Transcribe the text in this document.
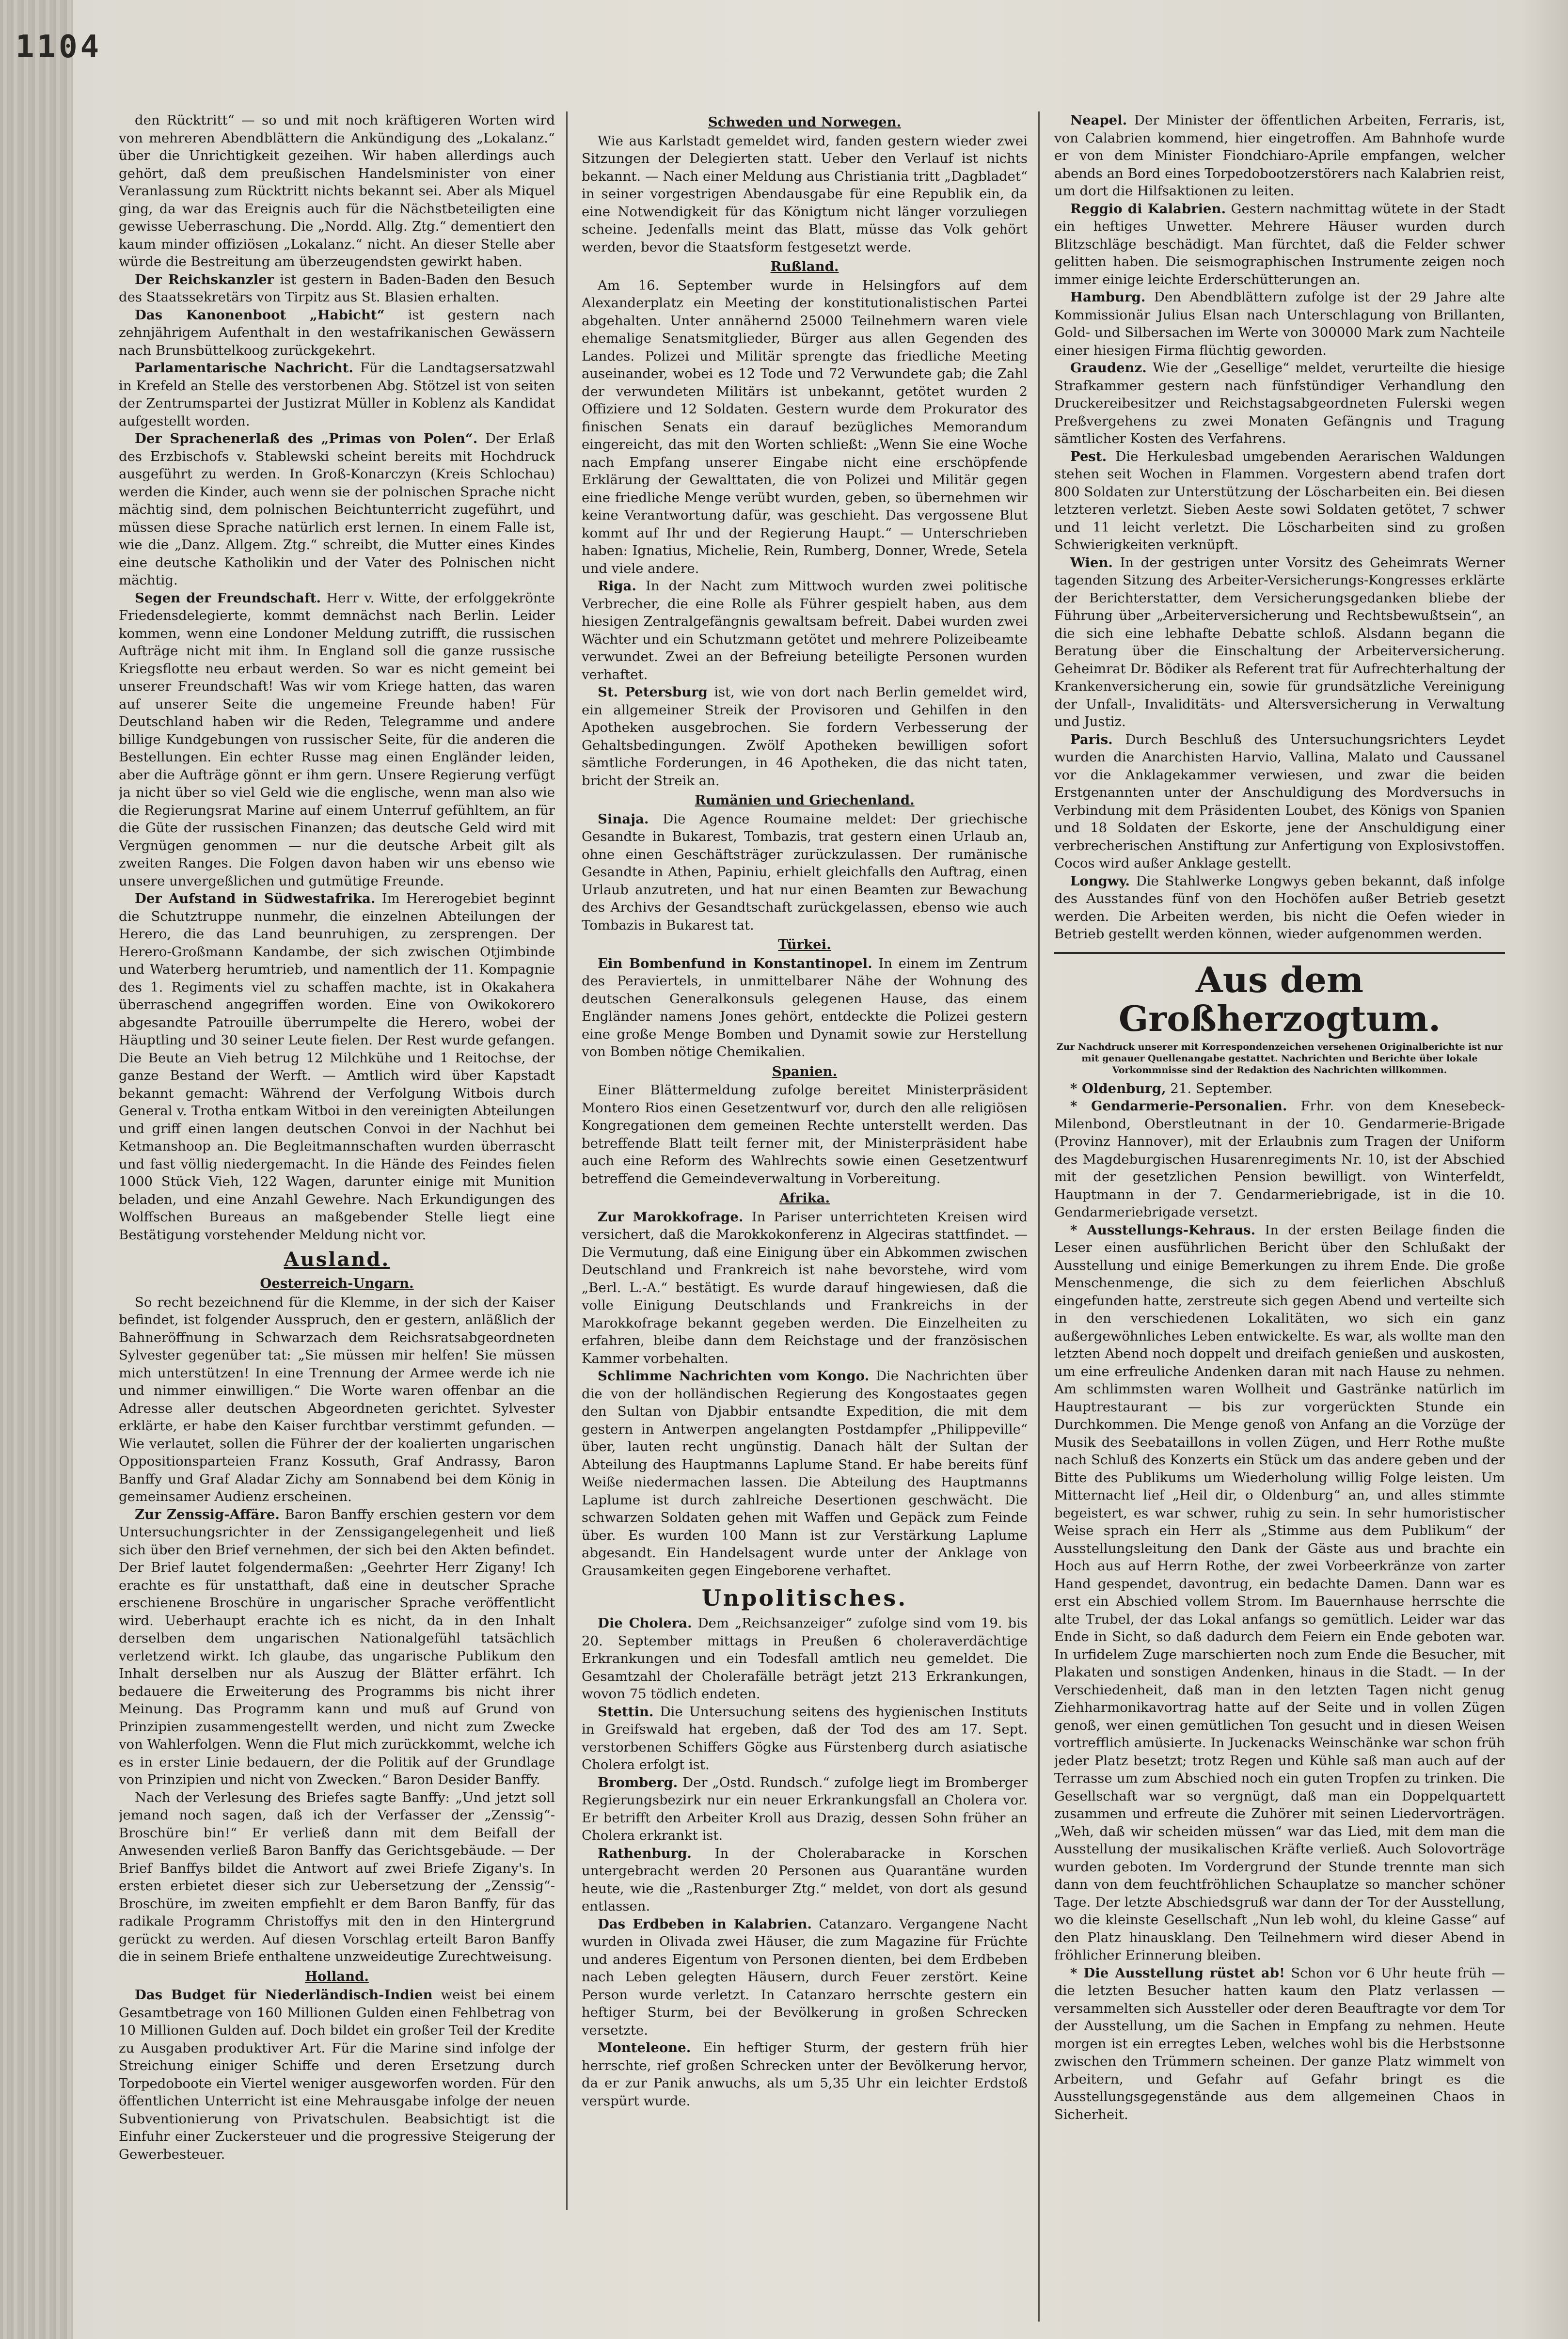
1104

den Rücktritt“ — so und mit noch kräftigeren Worten wird von mehreren Abendblättern die Ankündigung des „Lokalanz.“ über die Unrichtigkeit gezeihen. Wir haben allerdings auch gehört, daß dem preußischen Handelsminister von einer Veranlassung zum Rücktritt nichts bekannt sei. Aber als Miquel ging, da war das Ereignis auch für die Nächstbeteiligten eine gewisse Ueberraschung. Die „Nordd. Allg. Ztg.“ dementiert den kaum minder offiziösen „Lokalanz.“ nicht. An dieser Stelle aber würde die Bestreitung am überzeugendsten gewirkt haben.

Der Reichskanzler ist gestern in Baden-Baden den Besuch des Staatssekretärs von Tirpitz aus St. Blasien erhalten.

Das Kanonenboot „Habicht“ ist gestern nach zehnjährigem Aufenthalt in den westafrikanischen Gewässern nach Brunsbüttelkoog zurückgekehrt.

Parlamentarische Nachricht. Für die Landtagsersatzwahl in Krefeld an Stelle des verstorbenen Abg. Stötzel ist von seiten der Zentrumspartei der Justizrat Müller in Koblenz als Kandidat aufgestellt worden.

Der Sprachenerlaß des „Primas von Polen“. Der Erlaß des Erzbischofs v. Stablewski scheint bereits mit Hochdruck ausgeführt zu werden. In Groß-Konarczyn (Kreis Schlochau) werden die Kinder, auch wenn sie der polnischen Sprache nicht mächtig sind, dem polnischen Beichtunterricht zugeführt, und müssen diese Sprache natürlich erst lernen. In einem Falle ist, wie die „Danz. Allgem. Ztg.“ schreibt, die Mutter eines Kindes eine deutsche Katholikin und der Vater des Polnischen nicht mächtig.

Segen der Freundschaft. Herr v. Witte, der erfolggekrönte Friedensdelegierte, kommt demnächst nach Berlin. Leider kommen, wenn eine Londoner Meldung zutrifft, die russischen Aufträge nicht mit ihm. In England soll die ganze russische Kriegsflotte neu erbaut werden. So war es nicht gemeint bei unserer Freundschaft! Was wir vom Kriege hatten, das waren auf unserer Seite die ungemeine Freunde haben! Für Deutschland haben wir die Reden, Telegramme und andere billige Kundgebungen von russischer Seite, für die anderen die Bestellungen. Ein echter Russe mag einen Engländer leiden, aber die Aufträge gönnt er ihm gern. Unsere Regierung verfügt ja nicht über so viel Geld wie die englische, wenn man also wie die Regierungsrat Marine auf einem Unterruf gefühltem, an für die Güte der russischen Finanzen; das deutsche Geld wird mit Vergnügen genommen — nur die deutsche Arbeit gilt als zweiten Ranges. Die Folgen davon haben wir uns ebenso wie unsere unvergeßlichen und gutmütige Freunde.

Der Aufstand in Südwestafrika. Im Hererogebiet beginnt die Schutztruppe nunmehr, die einzelnen Abteilungen der Herero, die das Land beunruhigen, zu zersprengen. Der Herero-Großmann Kandambe, der sich zwischen Otjimbinde und Waterberg herumtrieb, und namentlich der 11. Kompagnie des 1. Regiments viel zu schaffen machte, ist in Okakahera überraschend angegriffen worden. Eine von Owikokorero abgesandte Patrouille überrumpelte die Herero, wobei der Häuptling und 30 seiner Leute fielen. Der Rest wurde gefangen. Die Beute an Vieh betrug 12 Milchkühe und 1 Reitochse, der ganze Bestand der Werft. — Amtlich wird über Kapstadt bekannt gemacht: Während der Verfolgung Witbois durch General v. Trotha entkam Witboi in den vereinigten Abteilungen und griff einen langen deutschen Convoi in der Nachhut bei Ketmanshoop an. Die Begleitmannschaften wurden überrascht und fast völlig niedergemacht. In die Hände des Feindes fielen 1000 Stück Vieh, 122 Wagen, darunter einige mit Munition beladen, und eine Anzahl Gewehre. Nach Erkundigungen des Wolffschen Bureaus an maßgebender Stelle liegt eine Bestätigung vorstehender Meldung nicht vor.

Ausland.
Oesterreich-Ungarn.

So recht bezeichnend für die Klemme, in der sich der Kaiser befindet, ist folgender Ausspruch, den er gestern, anläßlich der Bahneröffnung in Schwarzach dem Reichsratsabgeordneten Sylvester gegenüber tat: „Sie müssen mir helfen! Sie müssen mich unterstützen! In eine Trennung der Armee werde ich nie und nimmer einwilligen.“ Die Worte waren offenbar an die Adresse aller deutschen Abgeordneten gerichtet. Sylvester erklärte, er habe den Kaiser furchtbar verstimmt gefunden. — Wie verlautet, sollen die Führer der der koalierten ungarischen Oppositionsparteien Franz Kossuth, Graf Andrassy, Baron Banffy und Graf Aladar Zichy am Sonnabend bei dem König in gemeinsamer Audienz erscheinen.

Zur Zenssig-Affäre. Baron Banffy erschien gestern vor dem Untersuchungsrichter in der Zenssigangelegenheit und ließ sich über den Brief vernehmen, der sich bei den Akten befindet. Der Brief lautet folgendermaßen: „Geehrter Herr Zigany! Ich erachte es für unstatthaft, daß eine in deutscher Sprache erschienene Broschüre in ungarischer Sprache veröffentlicht wird. Ueberhaupt erachte ich es nicht, da in den Inhalt derselben dem ungarischen Nationalgefühl tatsächlich verletzend wirkt. Ich glaube, das ungarische Publikum den Inhalt derselben nur als Auszug der Blätter erfährt. Ich bedauere die Erweiterung des Programms bis nicht ihrer Meinung. Das Programm kann und muß auf Grund von Prinzipien zusammengestellt werden, und nicht zum Zwecke von Wahlerfolgen. Wenn die Flut mich zurückkommt, welche ich es in erster Linie bedauern, der die Politik auf der Grundlage von Prinzipien und nicht von Zwecken.“ Baron Desider Banffy.

Nach der Verlesung des Briefes sagte Banffy: „Und jetzt soll jemand noch sagen, daß ich der Verfasser der „Zenssig“-Broschüre bin!“ Er verließ dann mit dem Beifall der Anwesenden verließ Baron Banffy das Gerichtsgebäude. — Der Brief Banffys bildet die Antwort auf zwei Briefe Zigany's. In ersten erbietet dieser sich zur Uebersetzung der „Zenssig“-Broschüre, im zweiten empfiehlt er dem Baron Banffy, für das radikale Programm Christoffys mit den in den Hintergrund gerückt zu werden. Auf diesen Vorschlag erteilt Baron Banffy die in seinem Briefe enthaltene unzweideutige Zurechtweisung.

Holland.

Das Budget für Niederländisch-Indien weist bei einem Gesamtbetrage von 160 Millionen Gulden einen Fehlbetrag von 10 Millionen Gulden auf. Doch bildet ein großer Teil der Kredite zu Ausgaben produktiver Art. Für die Marine sind infolge der Streichung einiger Schiffe und deren Ersetzung durch Torpedoboote ein Viertel weniger ausgeworfen worden. Für den öffentlichen Unterricht ist eine Mehrausgabe infolge der neuen Subventionierung von Privatschulen. Beabsichtigt ist die Einfuhr einer Zuckersteuer und die progressive Steigerung der Gewerbesteuer.

Schweden und Norwegen.

Wie aus Karlstadt gemeldet wird, fanden gestern wieder zwei Sitzungen der Delegierten statt. Ueber den Verlauf ist nichts bekannt. — Nach einer Meldung aus Christiania tritt „Dagbladet“ in seiner vorgestrigen Abendausgabe für eine Republik ein, da eine Notwendigkeit für das Königtum nicht länger vorzuliegen scheine. Jedenfalls meint das Blatt, müsse das Volk gehört werden, bevor die Staatsform festgesetzt werde.

Rußland.

Am 16. September wurde in Helsingfors auf dem Alexanderplatz ein Meeting der konstitutionalistischen Partei abgehalten. Unter annähernd 25000 Teilnehmern waren viele ehemalige Senatsmitglieder, Bürger aus allen Gegenden des Landes. Polizei und Militär sprengte das friedliche Meeting auseinander, wobei es 12 Tode und 72 Verwundete gab; die Zahl der verwundeten Militärs ist unbekannt, getötet wurden 2 Offiziere und 12 Soldaten. Gestern wurde dem Prokurator des finischen Senats ein darauf bezügliches Memorandum eingereicht, das mit den Worten schließt: „Wenn Sie eine Woche nach Empfang unserer Eingabe nicht eine erschöpfende Erklärung der Gewalttaten, die von Polizei und Militär gegen eine friedliche Menge verübt wurden, geben, so übernehmen wir keine Verantwortung dafür, was geschieht. Das vergossene Blut kommt auf Ihr und der Regierung Haupt.“ — Unterschrieben haben: Ignatius, Michelie, Rein, Rumberg, Donner, Wrede, Setela und viele andere.

Riga. In der Nacht zum Mittwoch wurden zwei politische Verbrecher, die eine Rolle als Führer gespielt haben, aus dem hiesigen Zentralgefängnis gewaltsam befreit. Dabei wurden zwei Wächter und ein Schutzmann getötet und mehrere Polizeibeamte verwundet. Zwei an der Befreiung beteiligte Personen wurden verhaftet.

St. Petersburg ist, wie von dort nach Berlin gemeldet wird, ein allgemeiner Streik der Provisoren und Gehilfen in den Apotheken ausgebrochen. Sie fordern Verbesserung der Gehaltsbedingungen. Zwölf Apotheken bewilligen sofort sämtliche Forderungen, in 46 Apotheken, die das nicht taten, bricht der Streik an.

Rumänien und Griechenland.

Sinaja. Die Agence Roumaine meldet: Der griechische Gesandte in Bukarest, Tombazis, trat gestern einen Urlaub an, ohne einen Geschäftsträger zurückzulassen. Der rumänische Gesandte in Athen, Papiniu, erhielt gleichfalls den Auftrag, einen Urlaub anzutreten, und hat nur einen Beamten zur Bewachung des Archivs der Gesandtschaft zurückgelassen, ebenso wie auch Tombazis in Bukarest tat.

Türkei.

Ein Bombenfund in Konstantinopel. In einem im Zentrum des Peraviertels, in unmittelbarer Nähe der Wohnung des deutschen Generalkonsuls gelegenen Hause, das einem Engländer namens Jones gehört, entdeckte die Polizei gestern eine große Menge Bomben und Dynamit sowie zur Herstellung von Bomben nötige Chemikalien.

Spanien.

Einer Blättermeldung zufolge bereitet Ministerpräsident Montero Rios einen Gesetzentwurf vor, durch den alle religiösen Kongregationen dem gemeinen Rechte unterstellt werden. Das betreffende Blatt teilt ferner mit, der Ministerpräsident habe auch eine Reform des Wahlrechts sowie einen Gesetzentwurf betreffend die Gemeindeverwaltung in Vorbereitung.

Afrika.

Zur Marokkofrage. In Pariser unterrichteten Kreisen wird versichert, daß die Marokkokonferenz in Algeciras stattfindet. — Die Vermutung, daß eine Einigung über ein Abkommen zwischen Deutschland und Frankreich ist nahe bevorstehe, wird vom „Berl. L.-A.“ bestätigt. Es wurde darauf hingewiesen, daß die volle Einigung Deutschlands und Frankreichs in der Marokkofrage bekannt gegeben werden. Die Einzelheiten zu erfahren, bleibe dann dem Reichstage und der französischen Kammer vorbehalten.

Schlimme Nachrichten vom Kongo. Die Nachrichten über die von der holländischen Regierung des Kongostaates gegen den Sultan von Djabbir entsandte Expedition, die mit dem gestern in Antwerpen angelangten Postdampfer „Philippeville“ über, lauten recht ungünstig. Danach hält der Sultan der Abteilung des Hauptmanns Laplume Stand. Er habe bereits fünf Weiße niedermachen lassen. Die Abteilung des Hauptmanns Laplume ist durch zahlreiche Desertionen geschwächt. Die schwarzen Soldaten gehen mit Waffen und Gepäck zum Feinde über. Es wurden 100 Mann ist zur Verstärkung Laplume abgesandt. Ein Handelsagent wurde unter der Anklage von Grausamkeiten gegen Eingeborene verhaftet.

Unpolitisches.

Die Cholera. Dem „Reichsanzeiger“ zufolge sind vom 19. bis 20. September mittags in Preußen 6 choleraverdächtige Erkrankungen und ein Todesfall amtlich neu gemeldet. Die Gesamtzahl der Cholerafälle beträgt jetzt 213 Erkrankungen, wovon 75 tödlich endeten.

Stettin. Die Untersuchung seitens des hygienischen Instituts in Greifswald hat ergeben, daß der Tod des am 17. Sept. verstorbenen Schiffers Gögke aus Fürstenberg durch asiatische Cholera erfolgt ist.

Bromberg. Der „Ostd. Rundsch.“ zufolge liegt im Bromberger Regierungsbezirk nur ein neuer Erkrankungsfall an Cholera vor. Er betrifft den Arbeiter Kroll aus Drazig, dessen Sohn früher an Cholera erkrankt ist.

Rathenburg. In der Cholerabaracke in Korschen untergebracht werden 20 Personen aus Quarantäne wurden heute, wie die „Rastenburger Ztg.“ meldet, von dort als gesund entlassen.

Das Erdbeben in Kalabrien. Catanzaro. Vergangene Nacht wurden in Olivada zwei Häuser, die zum Magazine für Früchte und anderes Eigentum von Personen dienten, bei dem Erdbeben nach Leben gelegten Häusern, durch Feuer zerstört. Keine Person wurde verletzt. In Catanzaro herrschte gestern ein heftiger Sturm, bei der Bevölkerung in großen Schrecken versetzte.

Monteleone. Ein heftiger Sturm, der gestern früh hier herrschte, rief großen Schrecken unter der Bevölkerung hervor, da er zur Panik anwuchs, als um 5,35 Uhr ein leichter Erdstoß verspürt wurde.

Neapel. Der Minister der öffentlichen Arbeiten, Ferraris, ist, von Calabrien kommend, hier eingetroffen. Am Bahnhofe wurde er von dem Minister Fiondchiaro-Aprile empfangen, welcher abends an Bord eines Torpedobootzerstörers nach Kalabrien reist, um dort die Hilfsaktionen zu leiten.

Reggio di Kalabrien. Gestern nachmittag wütete in der Stadt ein heftiges Unwetter. Mehrere Häuser wurden durch Blitzschläge beschädigt. Man fürchtet, daß die Felder schwer gelitten haben. Die seismographischen Instrumente zeigen noch immer einige leichte Erderschütterungen an.

Hamburg. Den Abendblättern zufolge ist der 29 Jahre alte Kommissionär Julius Elsan nach Unterschlagung von Brillanten, Gold- und Silbersachen im Werte von 300000 Mark zum Nachteile einer hiesigen Firma flüchtig geworden.

Graudenz. Wie der „Gesellige“ meldet, verurteilte die hiesige Strafkammer gestern nach fünfstündiger Verhandlung den Druckereibesitzer und Reichstagsabgeordneten Fulerski wegen Preßvergehens zu zwei Monaten Gefängnis und Tragung sämtlicher Kosten des Verfahrens.

Pest. Die Herkulesbad umgebenden Aerarischen Waldungen stehen seit Wochen in Flammen. Vorgestern abend trafen dort 800 Soldaten zur Unterstützung der Löscharbeiten ein. Bei diesen letzteren verletzt. Sieben Aeste sowi Soldaten getötet, 7 schwer und 11 leicht verletzt. Die Löscharbeiten sind zu großen Schwierigkeiten verknüpft.

Wien. In der gestrigen unter Vorsitz des Geheimrats Werner tagenden Sitzung des Arbeiter-Versicherungs-Kongresses erklärte der Berichterstatter, dem Versicherungsgedanken bliebe der Führung über „Arbeiterversicherung und Rechtsbewußtsein“, an die sich eine lebhafte Debatte schloß. Alsdann begann die Beratung über die Einschaltung der Arbeiterversicherung. Geheimrat Dr. Bödiker als Referent trat für Aufrechterhaltung der Krankenversicherung ein, sowie für grundsätzliche Vereinigung der Unfall-, Invaliditäts- und Altersversicherung in Verwaltung und Justiz.

Paris. Durch Beschluß des Untersuchungsrichters Leydet wurden die Anarchisten Harvio, Vallina, Malato und Caussanel vor die Anklagekammer verwiesen, und zwar die beiden Erstgenannten unter der Anschuldigung des Mordversuchs in Verbindung mit dem Präsidenten Loubet, des Königs von Spanien und 18 Soldaten der Eskorte, jene der Anschuldigung einer verbrecherischen Anstiftung zur Anfertigung von Explosivstoffen. Cocos wird außer Anklage gestellt.

Longwy. Die Stahlwerke Longwys geben bekannt, daß infolge des Ausstandes fünf von den Hochöfen außer Betrieb gesetzt werden. Die Arbeiten werden, bis nicht die Oefen wieder in Betrieb gestellt werden können, wieder aufgenommen werden.

Aus dem Großherzogtum.
Zur Nachdruck unserer mit Korrespondenzeichen versehenen Originalberichte ist nur mit genauer Quellenangabe gestattet. Nachrichten und Berichte über lokale Vorkommnisse sind der Redaktion des Nachrichten willkommen.

* Oldenburg, 21. September.

* Gendarmerie-Personalien. Frhr. von dem Knesebeck-Milenbond, Oberstleutnant in der 10. Gendarmerie-Brigade (Provinz Hannover), mit der Erlaubnis zum Tragen der Uniform des Magdeburgischen Husarenregiments Nr. 10, ist der Abschied mit der gesetzlichen Pension bewilligt. von Winterfeldt, Hauptmann in der 7. Gendarmeriebrigade, ist in die 10. Gendarmeriebrigade versetzt.

* Ausstellungs-Kehraus. In der ersten Beilage finden die Leser einen ausführlichen Bericht über den Schlußakt der Ausstellung und einige Bemerkungen zu ihrem Ende. Die große Menschenmenge, die sich zu dem feierlichen Abschluß eingefunden hatte, zerstreute sich gegen Abend und verteilte sich in den verschiedenen Lokalitäten, wo sich ein ganz außergewöhnliches Leben entwickelte. Es war, als wollte man den letzten Abend noch doppelt und dreifach genießen und auskosten, um eine erfreuliche Andenken daran mit nach Hause zu nehmen. Am schlimmsten waren Wollheit und Gastränke natürlich im Hauptrestaurant — bis zur vorgerückten Stunde ein Durchkommen. Die Menge genoß von Anfang an die Vorzüge der Musik des Seebataillons in vollen Zügen, und Herr Rothe mußte nach Schluß des Konzerts ein Stück um das andere geben und der Bitte des Publikums um Wiederholung willig Folge leisten. Um Mitternacht lief „Heil dir, o Oldenburg“ an, und alles stimmte begeistert, es war schwer, ruhig zu sein. In sehr humoristischer Weise sprach ein Herr als „Stimme aus dem Publikum“ der Ausstellungsleitung den Dank der Gäste aus und brachte ein Hoch aus auf Herrn Rothe, der zwei Vorbeerkränze von zarter Hand gespendet, davontrug, ein bedachte Damen. Dann war es erst ein Abschied vollem Strom. Im Bauernhause herrschte die alte Trubel, der das Lokal anfangs so gemütlich. Leider war das Ende in Sicht, so daß dadurch dem Feiern ein Ende geboten war. In urfidelem Zuge marschierten noch zum Ende die Besucher, mit Plakaten und sonstigen Andenken, hinaus in die Stadt. — In der Verschiedenheit, daß man in den letzten Tagen nicht genug Ziehharmonikavortrag hatte auf der Seite und in vollen Zügen genoß, wer einen gemütlichen Ton gesucht und in diesen Weisen vortrefflich amüsierte. In Juckenacks Weinschänke war schon früh jeder Platz besetzt; trotz Regen und Kühle saß man auch auf der Terrasse um zum Abschied noch ein guten Tropfen zu trinken. Die Gesellschaft war so vergnügt, daß man ein Doppelquartett zusammen und erfreute die Zuhörer mit seinen Liedervorträgen. „Weh, daß wir scheiden müssen“ war das Lied, mit dem man die Ausstellung der musikalischen Kräfte verließ. Auch Solovorträge wurden geboten. Im Vordergrund der Stunde trennte man sich dann von dem feuchtfröhlichen Schauplatze so mancher schöner Tage. Der letzte Abschiedsgruß war dann der Tor der Ausstellung, wo die kleinste Gesellschaft „Nun leb wohl, du kleine Gasse“ auf den Platz hinausklang. Den Teilnehmern wird dieser Abend in fröhlicher Erinnerung bleiben.

* Die Ausstellung rüstet ab! Schon vor 6 Uhr heute früh — die letzten Besucher hatten kaum den Platz verlassen — versammelten sich Aussteller oder deren Beauftragte vor dem Tor der Ausstellung, um die Sachen in Empfang zu nehmen. Heute morgen ist ein erregtes Leben, welches wohl bis die Herbstsonne zwischen den Trümmern scheinen. Der ganze Platz wimmelt von Arbeitern, und Gefahr auf Gefahr bringt es die Ausstellungsgegenstände aus dem allgemeinen Chaos in Sicherheit.
